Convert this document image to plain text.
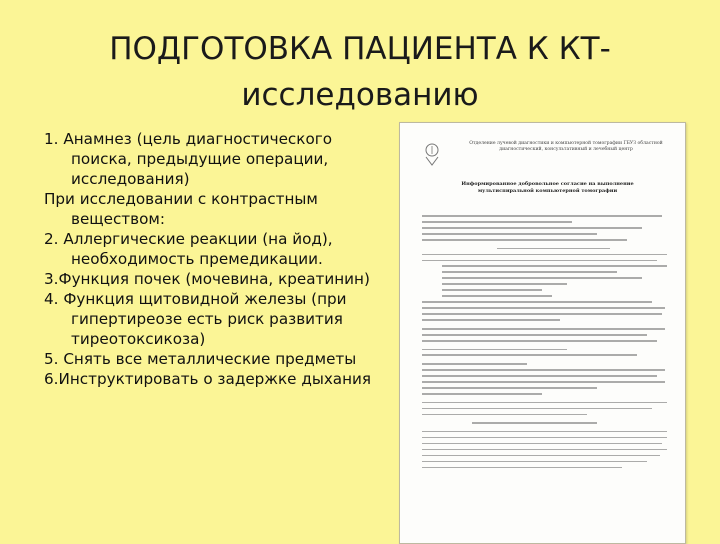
ПОДГОТОВКА ПАЦИЕНТА К КТ-исследованию

1. Анамнез (цель диагностического поиска, предыдущие операции, исследования)

При исследовании с контрастным веществом:

2. Аллергические реакции (на йод), необходимость премедикации.

3.Функция почек (мочевина, креатинин)

4. Функция щитовидной железы (при гипертиреозе есть риск развития тиреотоксикоза)

5. Снять все металлические предметы

6.Инструктировать о задержке дыхания

Отделение лучевой диагностики и компьютерной томографии ГБУЗ областной диагностический, консультативный и лечебный центр
Информированное добровольное согласие на выполнение мультиспиральной компьютерной томографии
